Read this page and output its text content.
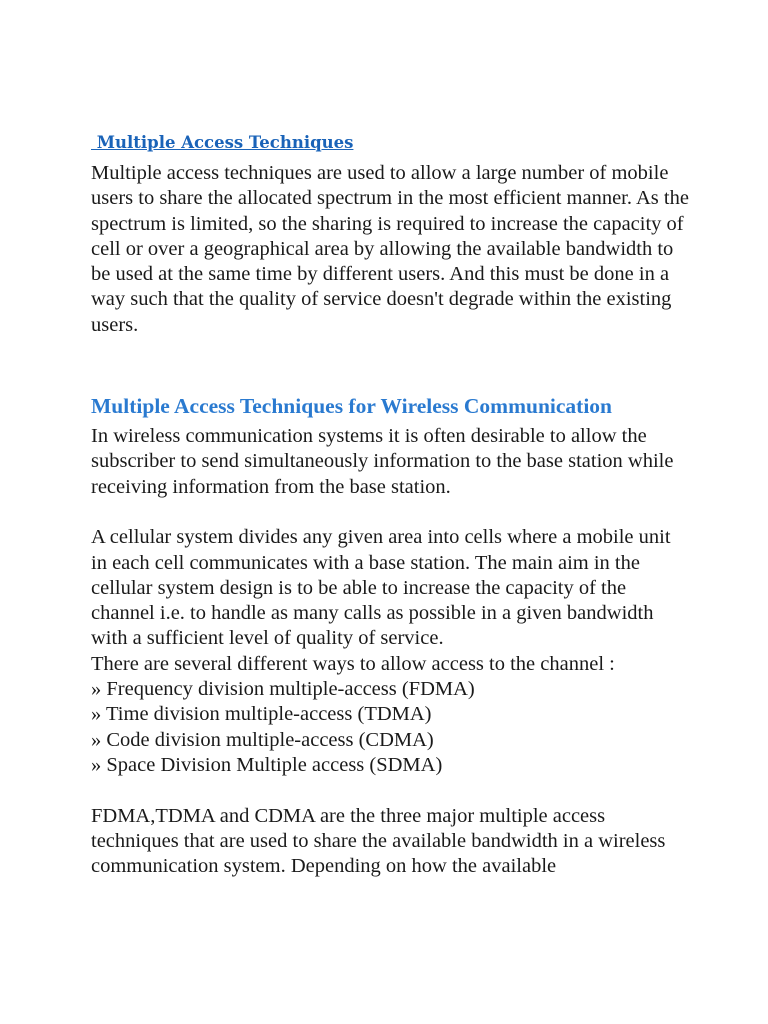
Multiple Access Techniques

Multiple access techniques are used to allow a large number of mobile users to share the allocated spectrum in the most efficient manner. As the spectrum is limited, so the sharing is required to increase the capacity of cell or over a geographical area by allowing the available bandwidth to be used at the same time by different users. And this must be done in a way such that the quality of service doesn't degrade within the existing users.

Multiple Access Techniques for Wireless Communication

In wireless communication systems it is often desirable to allow the subscriber to send simultaneously information to the base station while receiving information from the base station.

A cellular system divides any given area into cells where a mobile unit in each cell communicates with a base station. The main aim in the cellular system design is to be able to increase the capacity of the channel i.e. to handle as many calls as possible in a given bandwidth with a sufficient level of quality of service.

There are several different ways to allow access to the channel :

» Frequency division multiple-access (FDMA)
» Time division multiple-access (TDMA)
» Code division multiple-access (CDMA)
» Space Division Multiple access (SDMA)

FDMA,TDMA and CDMA are the three major multiple access techniques that are used to share the available bandwidth in a wireless communication system. Depending on how the available
